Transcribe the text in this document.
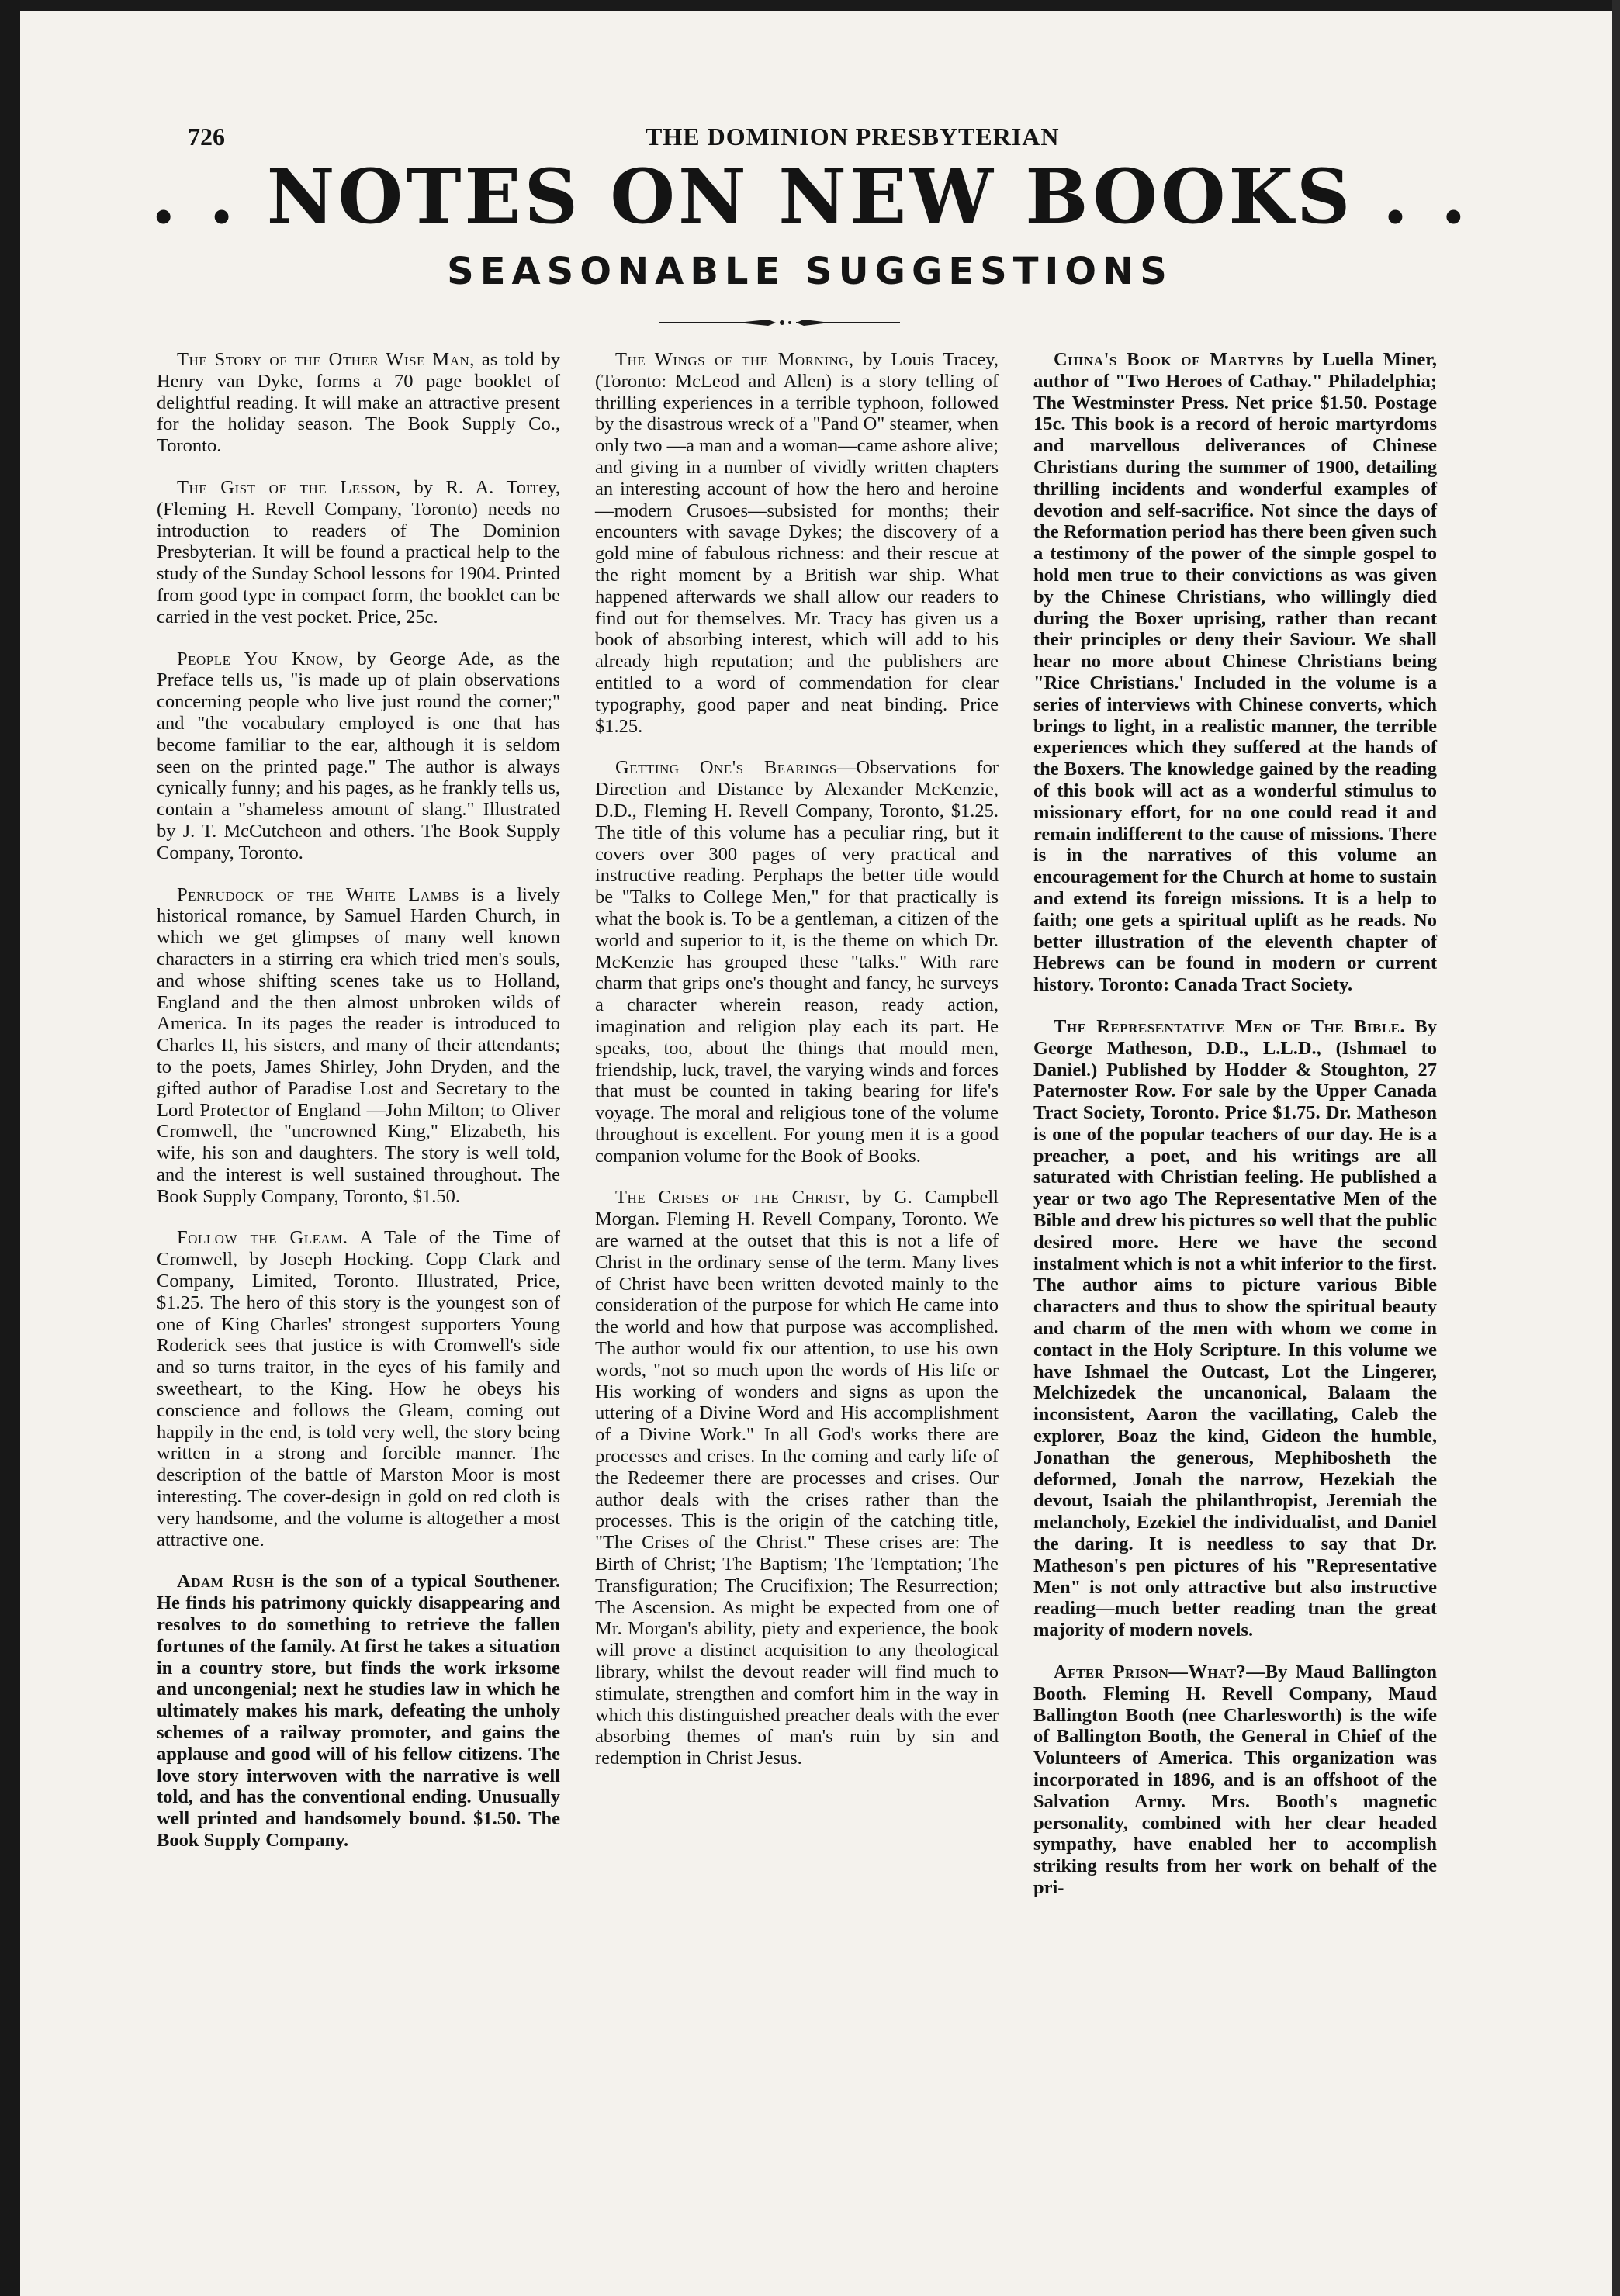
726	THE DOMINION PRESBYTERIAN
. . NOTES ON NEW BOOKS . .
SEASONABLE SUGGESTIONS

The Story of the Other Wise Man, as told by Henry van Dyke, forms a 70 page booklet of delightful reading. It will make an attractive present for the holiday season. The Book Supply Co., Toronto.

The Gist of the Lesson, by R. A. Torrey, (Fleming H. Revell Company, Toronto) needs no introduction to readers of The Dominion Presbyterian. It will be found a practical help to the study of the Sunday School lessons for 1904. Printed from good type in compact form, the booklet can be carried in the vest pocket. Price, 25c.

People You Know, by George Ade, as the Preface tells us, "is made up of plain observations concerning people who live just round the corner;" and "the vocabulary employed is one that has become familiar to the ear, although it is seldom seen on the printed page." The author is always cynically funny; and his pages, as he frankly tells us, contain a "shameless amount of slang." Illustrated by J. T. McCutcheon and others. The Book Supply Company, Toronto.

Penrudock of the White Lambs is a lively historical romance, by Samuel Harden Church, in which we get glimpses of many well known characters in a stirring era which tried men's souls, and whose shifting scenes take us to Holland, England and the then almost unbroken wilds of America. In its pages the reader is introduced to Charles II, his sisters, and many of their attendants; to the poets, James Shirley, John Dryden, and the gifted author of Paradise Lost and Secretary to the Lord Protector of England —John Milton; to Oliver Cromwell, the "uncrowned King," Elizabeth, his wife, his son and daughters. The story is well told, and the interest is well sustained throughout. The Book Supply Company, Toronto, $1.50.

Follow the Gleam. A Tale of the Time of Cromwell, by Joseph Hocking. Copp Clark and Company, Limited, Toronto. Illustrated, Price, $1.25. The hero of this story is the youngest son of one of King Charles' strongest supporters Young Roderick sees that justice is with Cromwell's side and so turns traitor, in the eyes of his family and sweetheart, to the King. How he obeys his conscience and follows the Gleam, coming out happily in the end, is told very well, the story being written in a strong and forcible manner. The description of the battle of Marston Moor is most interesting. The cover-design in gold on red cloth is very handsome, and the volume is altogether a most attractive one.

Adam Rush is the son of a typical Southener. He finds his patrimony quickly disappearing and resolves to do something to retrieve the fallen fortunes of the family. At first he takes a situation in a country store, but finds the work irksome and uncongenial; next he studies law in which he ultimately makes his mark, defeating the unholy schemes of a railway promoter, and gains the applause and good will of his fellow citizens. The love story interwoven with the narrative is well told, and has the conventional ending. Unusually well printed and handsomely bound. $1.50. The Book Supply Company.

The Wings of the Morning, by Louis Tracey, (Toronto: McLeod and Allen) is a story telling of thrilling experiences in a terrible typhoon, followed by the disastrous wreck of a "Pand O" steamer, when only two —a man and a woman—came ashore alive; and giving in a number of vividly written chapters an interesting account of how the hero and heroine—modern Crusoes—subsisted for months; their encounters with savage Dykes; the discovery of a gold mine of fabulous richness: and their rescue at the right moment by a British war ship. What happened afterwards we shall allow our readers to find out for themselves. Mr. Tracy has given us a book of absorbing interest, which will add to his already high reputation; and the publishers are entitled to a word of commendation for clear typography, good paper and neat binding. Price $1.25.

Getting One's Bearings—Observations for Direction and Distance by Alexander McKenzie, D.D., Fleming H. Revell Company, Toronto, $1.25. The title of this volume has a peculiar ring, but it covers over 300 pages of very practical and instructive reading. Perphaps the better title would be "Talks to College Men," for that practically is what the book is. To be a gentleman, a citizen of the world and superior to it, is the theme on which Dr. McKenzie has grouped these "talks." With rare charm that grips one's thought and fancy, he surveys a character wherein reason, ready action, imagination and religion play each its part. He speaks, too, about the things that mould men, friendship, luck, travel, the varying winds and forces that must be counted in taking bearing for life's voyage. The moral and religious tone of the volume throughout is excellent. For young men it is a good companion volume for the Book of Books.

The Crises of the Christ, by G. Campbell Morgan. Fleming H. Revell Company, Toronto. We are warned at the outset that this is not a life of Christ in the ordinary sense of the term. Many lives of Christ have been written devoted mainly to the consideration of the purpose for which He came into the world and how that purpose was accomplished. The author would fix our attention, to use his own words, "not so much upon the words of His life or His working of wonders and signs as upon the uttering of a Divine Word and His accomplishment of a Divine Work." In all God's works there are processes and crises. In the coming and early life of the Redeemer there are processes and crises. Our author deals with the crises rather than the processes. This is the origin of the catching title, "The Crises of the Christ." These crises are: The Birth of Christ; The Baptism; The Temptation; The Transfiguration; The Crucifixion; The Resurrection; The Ascension. As might be expected from one of Mr. Morgan's ability, piety and experience, the book will prove a distinct acquisition to any theological library, whilst the devout reader will find much to stimulate, strengthen and comfort him in the way in which this distinguished preacher deals with the ever absorbing themes of man's ruin by sin and redemption in Christ Jesus.

China's Book of Martyrs by Luella Miner, author of "Two Heroes of Cathay." Philadelphia; The Westminster Press. Net price $1.50. Postage 15c. This book is a record of heroic martyrdoms and marvellous deliverances of Chinese Christians during the summer of 1900, detailing thrilling incidents and wonderful examples of devotion and self-sacrifice. Not since the days of the Reformation period has there been given such a testimony of the power of the simple gospel to hold men true to their convictions as was given by the Chinese Christians, who willingly died during the Boxer uprising, rather than recant their principles or deny their Saviour. We shall hear no more about Chinese Christians being "Rice Christians.' Included in the volume is a series of interviews with Chinese converts, which brings to light, in a realistic manner, the terrible experiences which they suffered at the hands of the Boxers. The knowledge gained by the reading of this book will act as a wonderful stimulus to missionary effort, for no one could read it and remain indifferent to the cause of missions. There is in the narratives of this volume an encouragement for the Church at home to sustain and extend its foreign missions. It is a help to faith; one gets a spiritual uplift as he reads. No better illustration of the eleventh chapter of Hebrews can be found in modern or current history. Toronto: Canada Tract Society.

The Representative Men of The Bible. By George Matheson, D.D., L.L.D., (Ishmael to Daniel.) Published by Hodder & Stoughton, 27 Paternoster Row. For sale by the Upper Canada Tract Society, Toronto. Price $1.75. Dr. Matheson is one of the popular teachers of our day. He is a preacher, a poet, and his writings are all saturated with Christian feeling. He published a year or two ago The Representative Men of the Bible and drew his pictures so well that the public desired more. Here we have the second instalment which is not a whit inferior to the first. The author aims to picture various Bible characters and thus to show the spiritual beauty and charm of the men with whom we come in contact in the Holy Scripture. In this volume we have Ishmael the Outcast, Lot the Lingerer, Melchizedek the uncanonical, Balaam the inconsistent, Aaron the vacillating, Caleb the explorer, Boaz the kind, Gideon the humble, Jonathan the generous, Mephibosheth the deformed, Jonah the narrow, Hezekiah the devout, Isaiah the philanthropist, Jeremiah the melancholy, Ezekiel the individualist, and Daniel the daring. It is needless to say that Dr. Matheson's pen pictures of his "Representative Men" is not only attractive but also instructive reading—much better reading tnan the great majority of modern novels.

After Prison—What?—By Maud Ballington Booth. Fleming H. Revell Company, Maud Ballington Booth (nee Charlesworth) is the wife of Ballington Booth, the General in Chief of the Volunteers of America. This organization was incorporated in 1896, and is an offshoot of the Salvation Army. Mrs. Booth's magnetic personality, combined with her clear headed sympathy, have enabled her to accomplish striking results from her work on behalf of the pri-
